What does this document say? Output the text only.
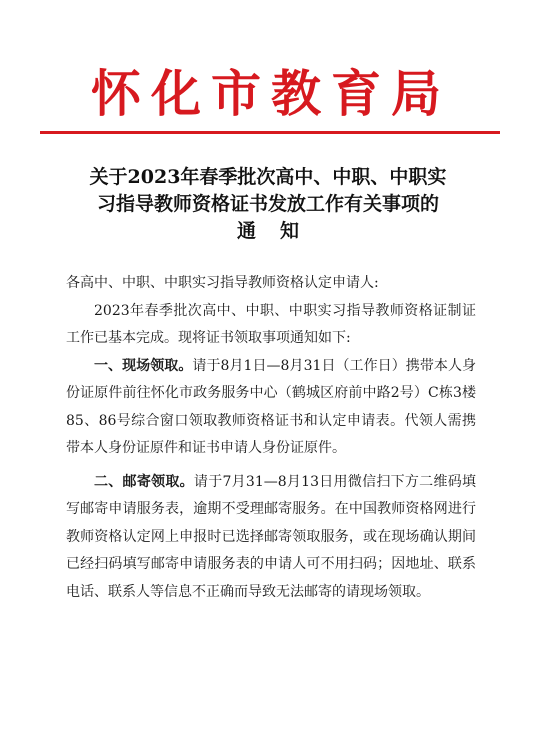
怀化市教育局
关于2023年春季批次高中、中职、中职实
习指导教师资格证书发放工作有关事项的
通知

各高中、中职、中职实习指导教师资格认定申请人:

2023年春季批次高中、中职、中职实习指导教师资格证制证工作已基本完成。现将证书领取事项通知如下:

一、现场领取。请于8月1日—8月31日（工作日）携带本人身份证原件前往怀化市政务服务中心（鹤城区府前中路2号）C栋3楼85、86号综合窗口领取教师资格证书和认定申请表。代领人需携带本人身份证原件和证书申请人身份证原件。

二、邮寄领取。请于7月31—8月13日用微信扫下方二维码填写邮寄申请服务表，逾期不受理邮寄服务。在中国教师资格网进行教师资格认定网上申报时已选择邮寄领取服务，或在现场确认期间已经扫码填写邮寄申请服务表的申请人可不用扫码；因地址、联系电话、联系人等信息不正确而导致无法邮寄的请现场领取。
